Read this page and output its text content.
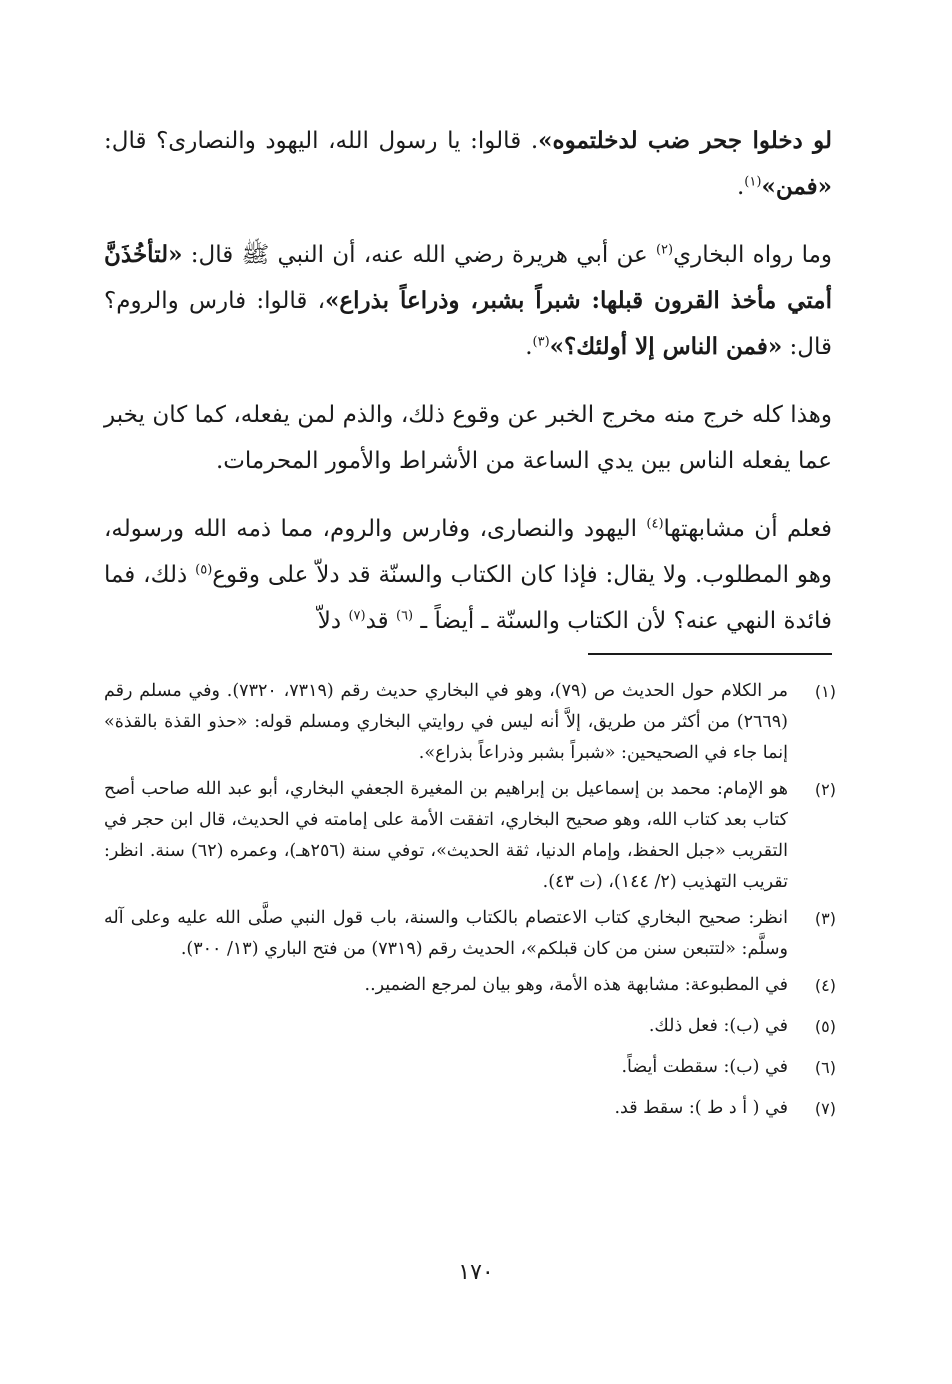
لو دخلوا جحر ضب لدخلتموه». قالوا: يا رسول الله، اليهود والنصارى؟ قال: «فمن»$^{(١)}$.

وما رواه البخاري$^{(٢)}$ عن أبي هريرة رضي الله عنه، أن النبي ﷺ قال: «لتأخُذَنَّ أمتي مأخذ القرون قبلها: شبراً بشبر، وذراعاً بذراع»، قالوا: فارس والروم؟ قال: «فمن الناس إلا أولئك؟»$^{(٣)}$.

وهذا كله خرج منه مخرج الخبر عن وقوع ذلك، والذم لمن يفعله، كما كان يخبر عما يفعله الناس بين يدي الساعة من الأشراط والأمور المحرمات.

فعلم أن مشابهتها$^{(٤)}$ اليهود والنصارى، وفارس والروم، مما ذمه الله ورسوله، وهو المطلوب. ولا يقال: فإذا كان الكتاب والسنّة قد دلاّ على وقوع$^{(٥)}$ ذلك، فما فائدة النهي عنه؟ لأن الكتاب والسنّة ـ أيضاً ـ $^{(٦)}$ قد$^{(٧)}$ دلاّ

(١)
مر الكلام حول الحديث ص (٧٩)، وهو في البخاري حديث رقم (٧٣١٩، ٧٣٢٠). وفي مسلم رقم (٢٦٦٩) من أكثر من طريق، إلاَّ أنه ليس في روايتي البخاري ومسلم قوله: «حذو القذة بالقذة» إنما جاء في الصحيحين: «شبراً بشبر وذراعاً بذراع».
(٢)
هو الإمام: محمد بن إسماعيل بن إبراهيم بن المغيرة الجعفي البخاري، أبو عبد الله صاحب أصح كتاب بعد كتاب الله، وهو صحيح البخاري، اتفقت الأمة على إمامته في الحديث، قال ابن حجر في التقريب «جبل الحفظ، وإمام الدنيا، ثقة الحديث»، توفي سنة (٢٥٦هـ)، وعمره (٦٢) سنة. انظر: تقريب التهذيب (٢/ ١٤٤)، (ت ٤٣).
(٣)
انظر: صحيح البخاري كتاب الاعتصام بالكتاب والسنة، باب قول النبي صلَّى الله عليه وعلى آله وسلَّم: «لتتبعن سنن من كان قبلكم»، الحديث رقم (٧٣١٩) من فتح الباري (١٣/ ٣٠٠).
(٤)
في المطبوعة: مشابهة هذه الأمة، وهو بيان لمرجع الضمير..
(٥)
في (ب): فعل ذلك.
(٦)
في (ب): سقطت أيضاً.
(٧)
في ( أ د ط ): سقط قد.
١٧٠
